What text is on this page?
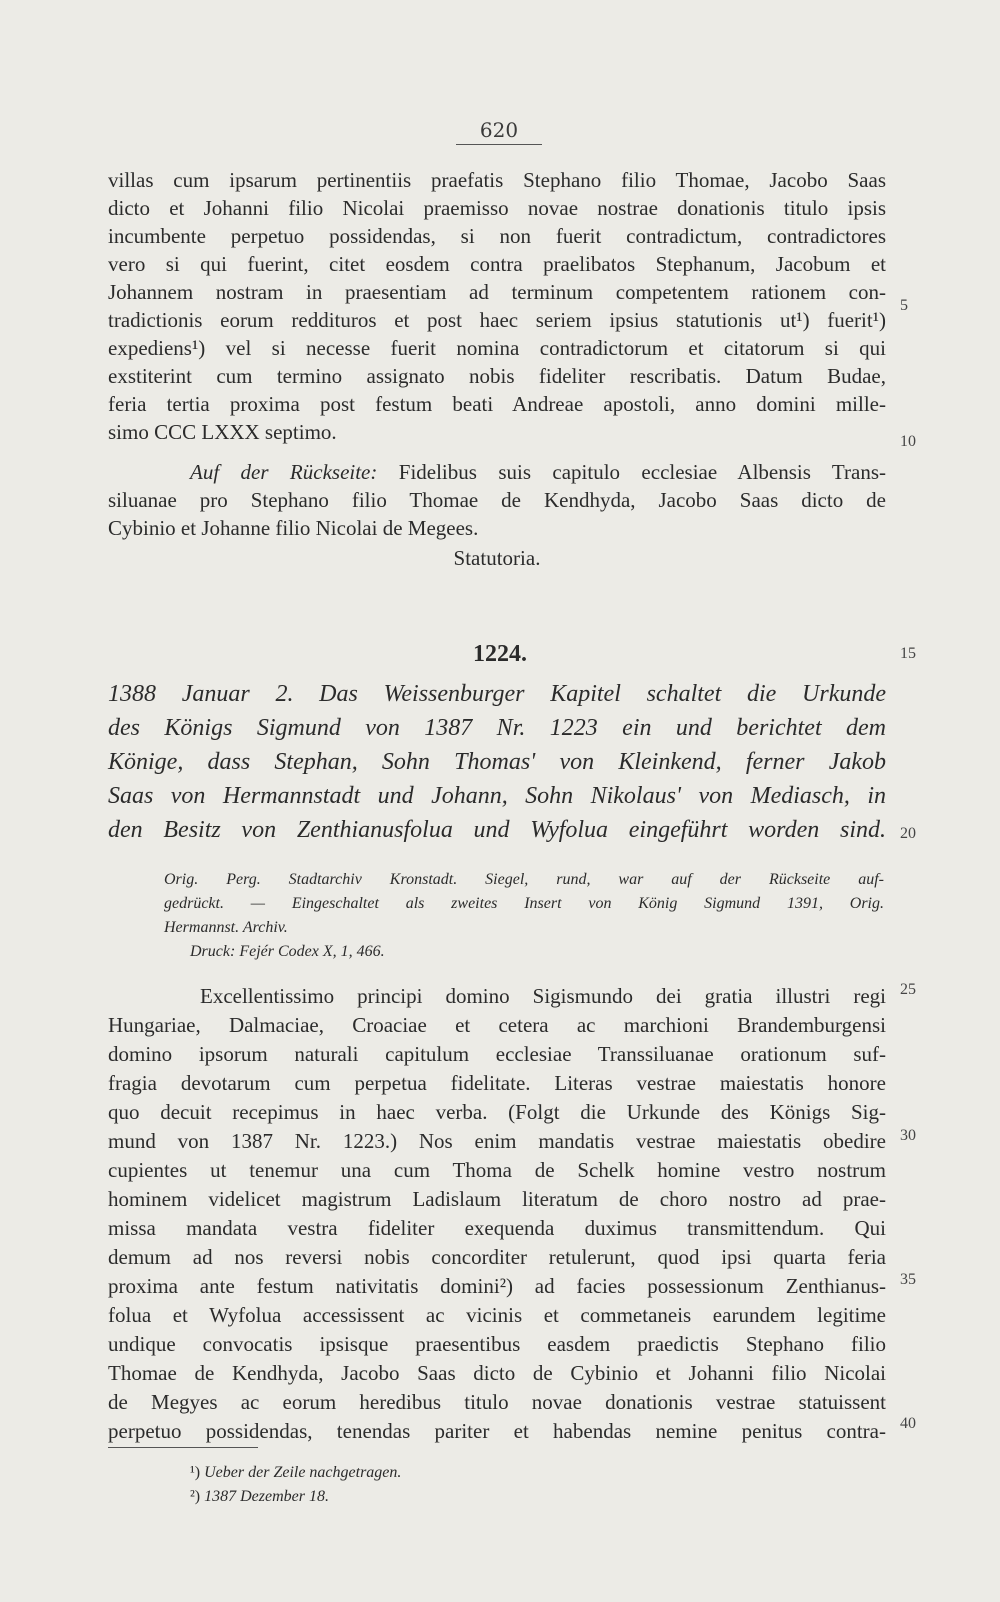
620
villas cum ipsarum pertinentiis praefatis Stephano filio Thomae, Jacobo Saas
dicto et Johanni filio Nicolai praemisso novae nostrae donationis titulo ipsis
incumbente perpetuo possidendas, si non fuerit contradictum, contradictores
vero si qui fuerint, citet eosdem contra praelibatos Stephanum, Jacobum et
Johannem nostram in praesentiam ad terminum competentem rationem con-
tradictionis eorum reddituros et post haec seriem ipsius statutionis ut¹) fuerit¹)
expediens¹) vel si necesse fuerit nomina contradictorum et citatorum si qui
exstiterint cum termino assignato nobis fideliter rescribatis. Datum Budae,
feria tertia proxima post festum beati Andreae apostoli, anno domini mille-
simo CCC LXXX septimo.
Auf der Rückseite: Fidelibus suis capitulo ecclesiae Albensis Trans-
siluanae pro Stephano filio Thomae de Kendhyda, Jacobo Saas dicto de
Cybinio et Johanne filio Nicolai de Megees.
Statutoria.
1224.
1388 Januar 2. Das Weissenburger Kapitel schaltet die Urkunde
des Königs Sigmund von 1387 Nr. 1223 ein und berichtet dem
Könige, dass Stephan, Sohn Thomas' von Kleinkend, ferner Jakob
Saas von Hermannstadt und Johann, Sohn Nikolaus' von Mediasch, in
den Besitz von Zenthianusfolua und Wyfolua eingeführt worden sind.
Orig. Perg. Stadtarchiv Kronstadt. Siegel, rund, war auf der Rückseite auf-
gedrückt. — Eingeschaltet als zweites Insert von König Sigmund 1391, Orig.
Hermannst. Archiv.
Druck: Fejér Codex X, 1, 466.
Excellentissimo principi domino Sigismundo dei gratia illustri regi
Hungariae, Dalmaciae, Croaciae et cetera ac marchioni Brandemburgensi
domino ipsorum naturali capitulum ecclesiae Transsiluanae orationum suf-
fragia devotarum cum perpetua fidelitate. Literas vestrae maiestatis honore
quo decuit recepimus in haec verba. (Folgt die Urkunde des Königs Sig-
mund von 1387 Nr. 1223.) Nos enim mandatis vestrae maiestatis obedire
cupientes ut tenemur una cum Thoma de Schelk homine vestro nostrum
hominem videlicet magistrum Ladislaum literatum de choro nostro ad prae-
missa mandata vestra fideliter exequenda duximus transmittendum. Qui
demum ad nos reversi nobis concorditer retulerunt, quod ipsi quarta feria
proxima ante festum nativitatis domini²) ad facies possessionum Zenthianus-
folua et Wyfolua accessissent ac vicinis et commetaneis earundem legitime
undique convocatis ipsisque praesentibus easdem praedictis Stephano filio
Thomae de Kendhyda, Jacobo Saas dicto de Cybinio et Johanni filio Nicolai
de Megyes ac eorum heredibus titulo novae donationis vestrae statuissent
perpetuo possidendas, tenendas pariter et habendas nemine penitus contra-
5
10
15
20
25
30
35
40
¹) Ueber der Zeile nachgetragen.
²) 1387 Dezember 18.
